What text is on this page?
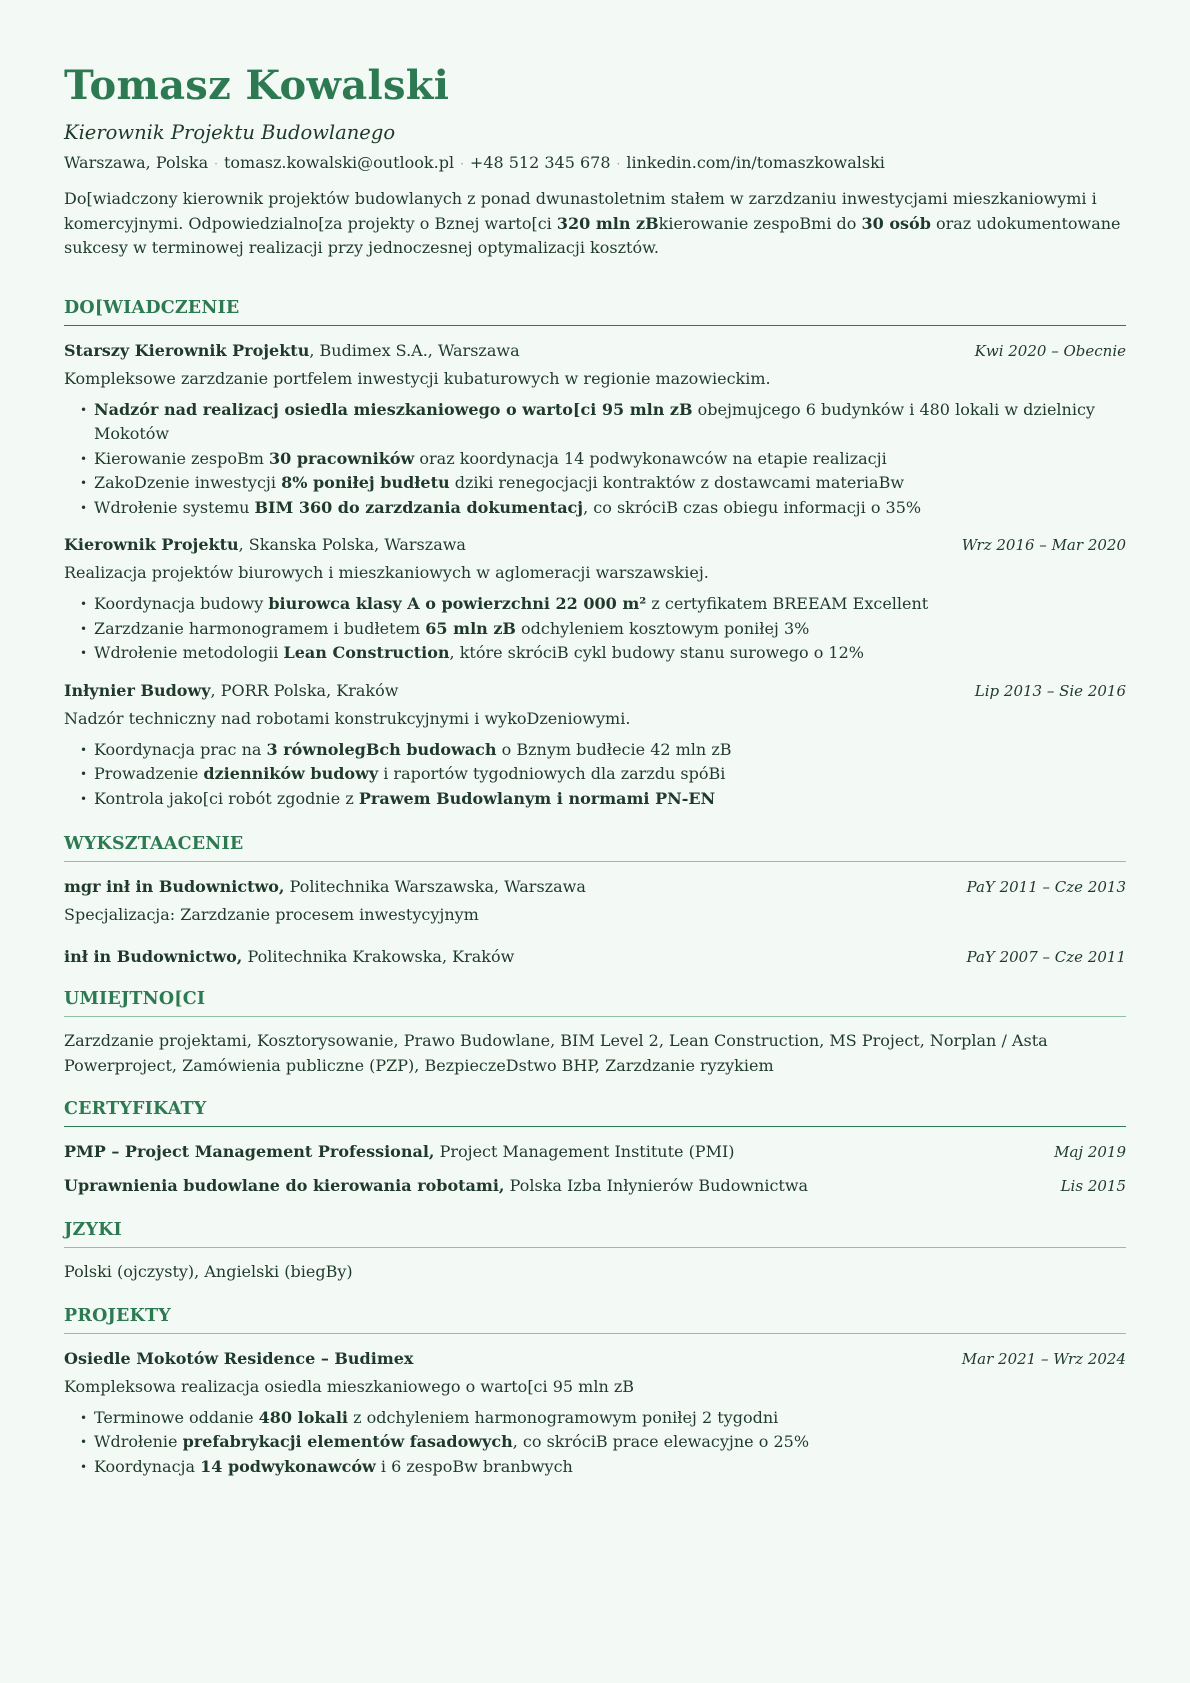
Tomasz Kowalski
Kierownik Projektu Budowlanego
Warszawa, Polska · tomasz.kowalski@outlook.pl · +48 512 345 678 · linkedin.com/in/tomaszkowalski
Do[wiadczony kierownik projektów budowlanych z ponad dwunastoletnim stałem w zarzdzaniu inwestycjami mieszkaniowymi i komercyjnymi. Odpowiedzialno[za projekty o Bznej warto[ci 320 mln zBkierowanie zespoBmi do 30 osób oraz udokumentowane sukcesy w terminowej realizacji przy jednoczesnej optymalizacji kosztów.
DO[WIADCZENIE
Starszy Kierownik Projektu, Budimex S.A., Warszawa	Kwi 2020 – Obecnie
Kompleksowe zarzdzanie portfelem inwestycji kubaturowych w regionie mazowieckim.
• Nadzór nad realizacj osiedla mieszkaniowego o warto[ci 95 mln zB obejmujcego 6 budynków i 480 lokali w dzielnicy Mokotów
• Kierowanie zespoBm 30 pracowników oraz koordynacja 14 podwykonawców na etapie realizacji
• ZakoDzenie inwestycji 8% poniłej budłetu dziki renegocjacji kontraktów z dostawcami materiaBw
• Wdrołenie systemu BIM 360 do zarzdzania dokumentacj, co skróciB czas obiegu informacji o 35%
Kierownik Projektu, Skanska Polska, Warszawa	Wrz 2016 – Mar 2020
Realizacja projektów biurowych i mieszkaniowych w aglomeracji warszawskiej.
• Koordynacja budowy biurowca klasy A o powierzchni 22 000 m² z certyfikatem BREEAM Excellent
• Zarzdzanie harmonogramem i budłetem 65 mln zB odchyleniem kosztowym poniłej 3%
• Wdrołenie metodologii Lean Construction, które skróciB cykl budowy stanu surowego o 12%
Inłynier Budowy, PORR Polska, Kraków	Lip 2013 – Sie 2016
Nadzór techniczny nad robotami konstrukcyjnymi i wykoDzeniowymi.
• Koordynacja prac na 3 równolegBch budowach o Bznym budłecie 42 mln zB
• Prowadzenie dzienników budowy i raportów tygodniowych dla zarzdu spóBi
• Kontrola jako[ci robót zgodnie z Prawem Budowlanym i normami PN-EN
WYKSZTAACENIE
mgr inł in Budownictwo, Politechnika Warszawska, Warszawa	PaY 2011 – Cze 2013
Specjalizacja: Zarzdzanie procesem inwestycyjnym
inł in Budownictwo, Politechnika Krakowska, Kraków	PaY 2007 – Cze 2011
UMIEJTNO[CI
Zarzdzanie projektami, Kosztorysowanie, Prawo Budowlane, BIM Level 2, Lean Construction, MS Project, Norplan / Asta Powerproject, Zamówienia publiczne (PZP), BezpieczeDstwo BHP, Zarzdzanie ryzykiem
CERTYFIKATY
PMP – Project Management Professional, Project Management Institute (PMI)	Maj 2019
Uprawnienia budowlane do kierowania robotami, Polska Izba Inłynierów Budownictwa	Lis 2015
JZYKI
Polski (ojczysty), Angielski (biegBy)
PROJEKTY
Osiedle Mokotów Residence – Budimex	Mar 2021 – Wrz 2024
Kompleksowa realizacja osiedla mieszkaniowego o warto[ci 95 mln zB
• Terminowe oddanie 480 lokali z odchyleniem harmonogramowym poniłej 2 tygodni
• Wdrołenie prefabrykacji elementów fasadowych, co skróciB prace elewacyjne o 25%
• Koordynacja 14 podwykonawców i 6 zespoBw branbwych
